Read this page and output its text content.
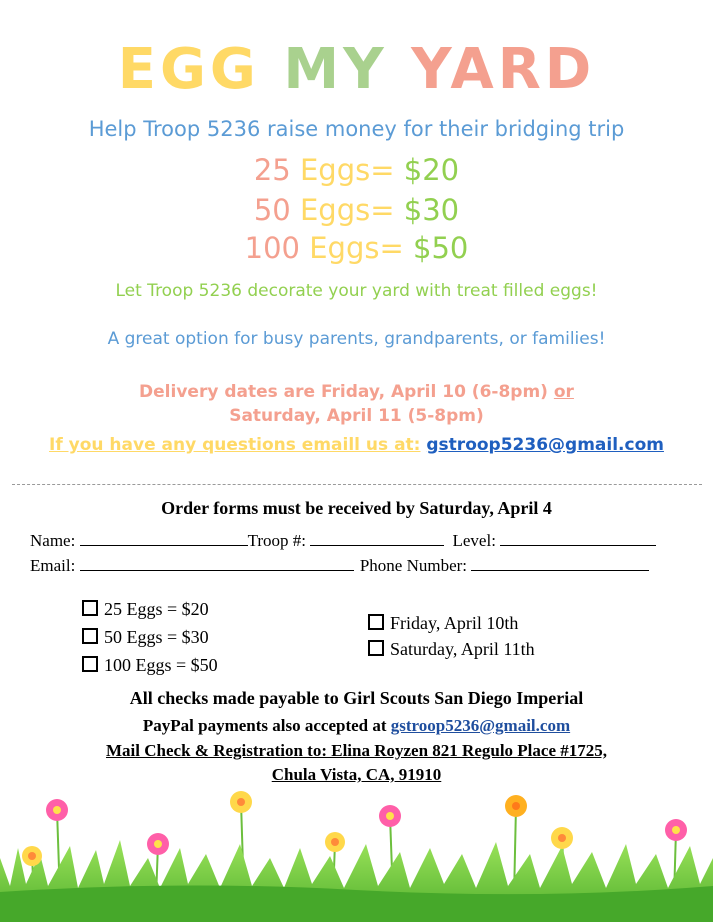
EGG MY YARD
Help Troop 5236 raise money for their bridging trip
25 Eggs= $20
50 Eggs= $30
100 Eggs= $50
Let Troop 5236 decorate your yard with treat filled eggs!
A great option for busy parents, grandparents, or families!
Delivery dates are Friday, April 10 (6-8pm) or
Saturday, April 11 (5-8pm)
If you have any questions emaill us at: gstroop5236@gmail.com
Order forms must be received by Saturday, April 4
Name:	Troop #:	Level:
Email:	Phone Number:
25 Eggs = $20
50 Eggs = $30
100 Eggs = $50
Friday, April 10th
Saturday, April 11th
All checks made payable to Girl Scouts San Diego Imperial
PayPal payments also accepted at gstroop5236@gmail.com
Mail Check & Registration to: Elina Royzen 821 Regulo Place #1725,
Chula Vista, CA, 91910
